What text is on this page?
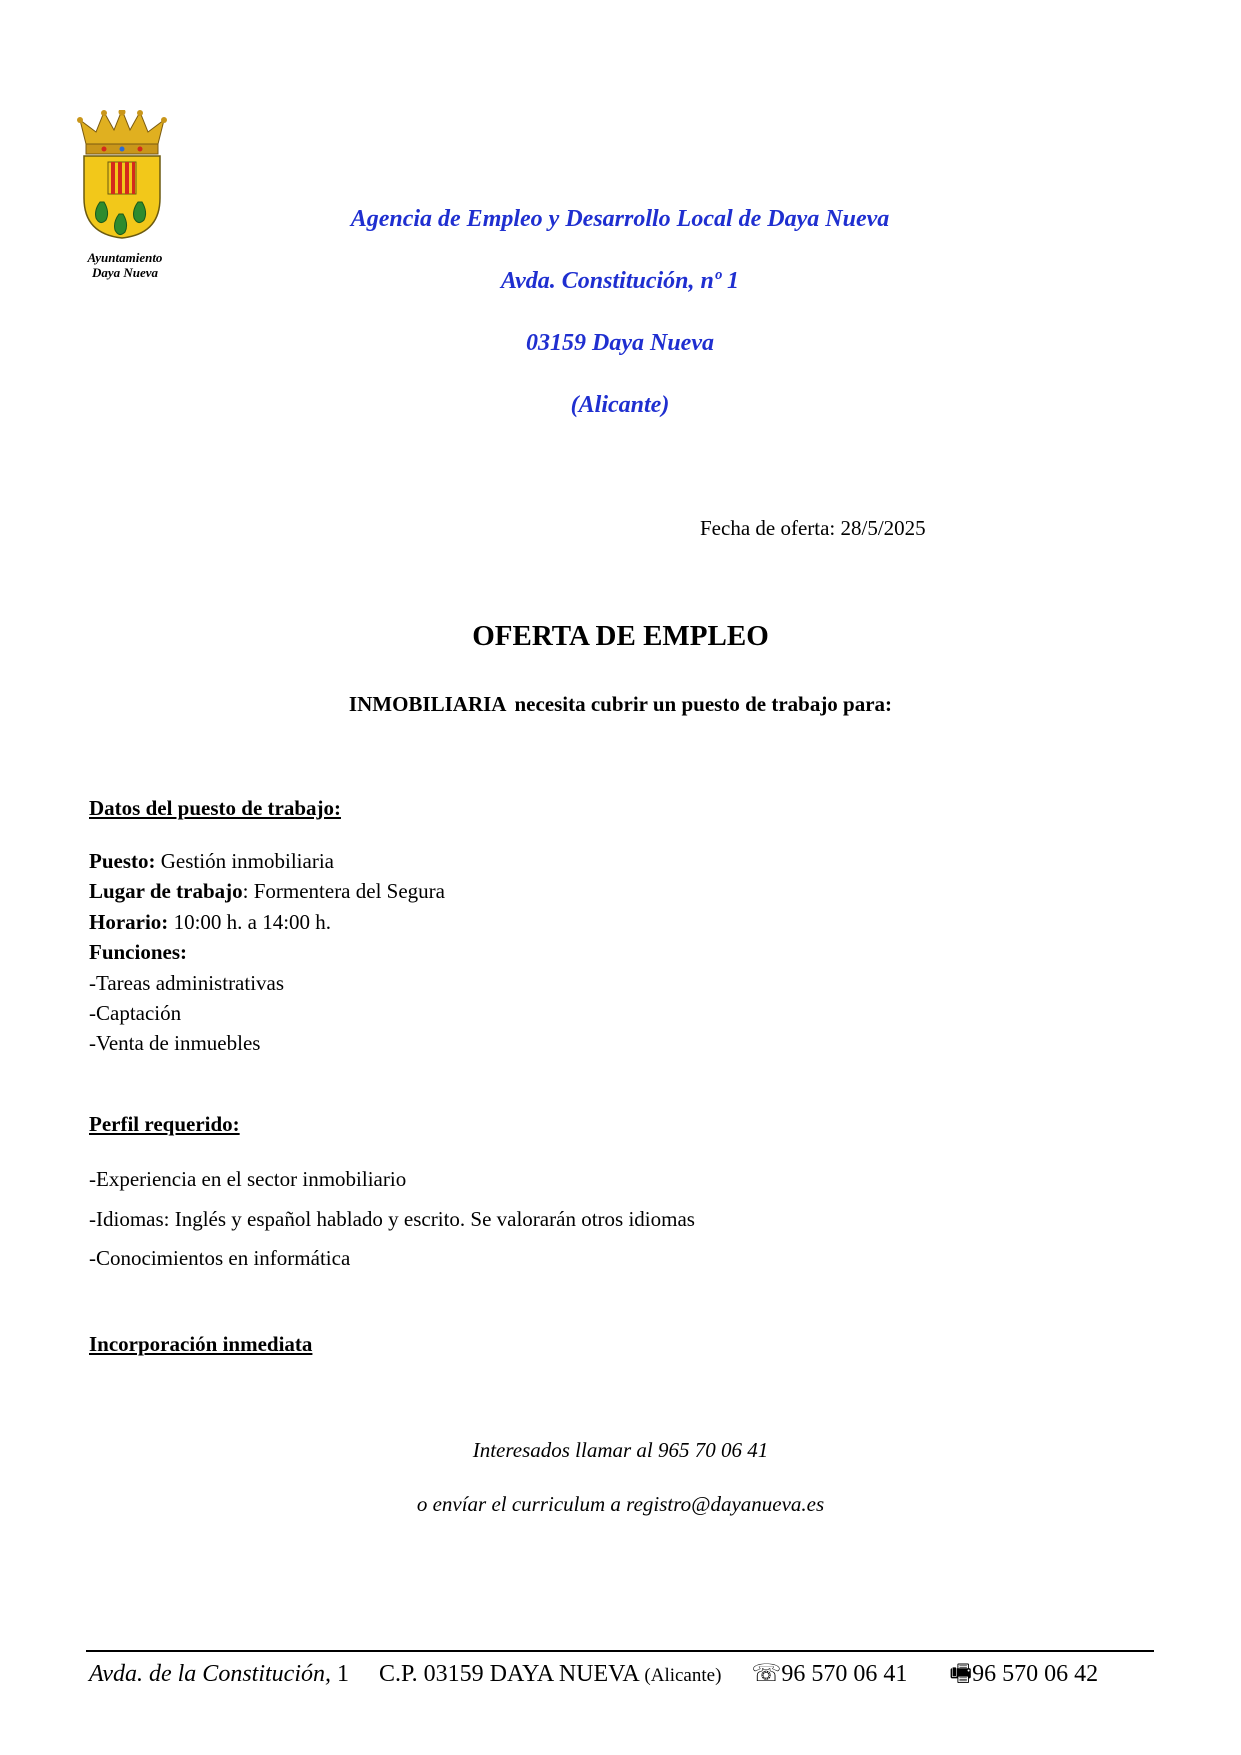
Ayuntamiento
Daya Nueva
Agencia de Empleo y Desarrollo Local de Daya Nueva
Avda. Constitución, nº 1
03159 Daya Nueva
(Alicante)
Fecha de oferta: 28/5/2025
OFERTA DE EMPLEO
INMOBILIARIA necesita cubrir un puesto de trabajo para:
Datos del puesto de trabajo:
Puesto: Gestión inmobiliaria
Lugar de trabajo: Formentera del Segura
Horario: 10:00 h. a 14:00 h.
Funciones:
-Tareas administrativas
-Captación
-Venta de inmuebles
Perfil requerido:
-Experiencia en el sector inmobiliario
-Idiomas: Inglés y español hablado y escrito. Se valorarán otros idiomas
-Conocimientos en informática
Incorporación inmediata
Interesados llamar al 965 70 06 41
o envíar el curriculum a registro@dayanueva.es
Avda. de la Constitución, 1 C.P. 03159 DAYA NUEVA (Alicante) ☏96 570 06 41 🖷96 570 06 42
